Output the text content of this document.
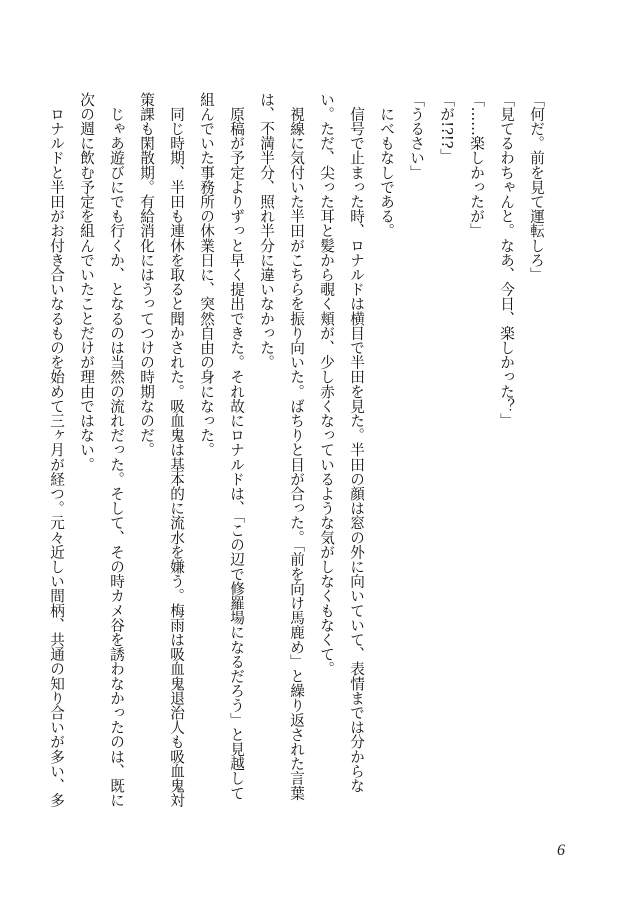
「何だ。前を見て運転しろ」
「見てるわちゃんと。なあ、今日、楽しかった？」
「……楽しかったが」
「が!?!?」
「うるさい」
　にべもなしである。
　信号で止まった時、ロナルドは横目で半田を見た。半田の顔は窓の外に向いていて、表情までは分からな
い。ただ、尖った耳と髪から覗く頬が、少し赤くなっているような気がしなくもなくて。
　視線に気付いた半田がこちらを振り向いた。ばちりと目が合った。「前を向け馬鹿め」と繰り返された言葉
は、不満半分、照れ半分に違いなかった。
　原稿が予定よりずっと早く提出できた。それ故にロナルドは、「この辺で修羅場になるだろう」と見越して
組んでいた事務所の休業日に、突然自由の身になった。
　同じ時期、半田も連休を取ると聞かされた。吸血鬼は基本的に流水を嫌う。梅雨は吸血鬼退治人も吸血鬼対
策課も閑散期。有給消化にはうってつけの時期なのだ。
　じゃあ遊びにでも行くか、となるのは当然の流れだった。そして、その時カメ谷を誘わなかったのは、既に
次の週に飲む予定を組んでいたことだけが理由ではない。
　ロナルドと半田がお付き合いなるものを始めて三ヶ月が経つ。元々近しい間柄、共通の知り合いが多い、多
6
